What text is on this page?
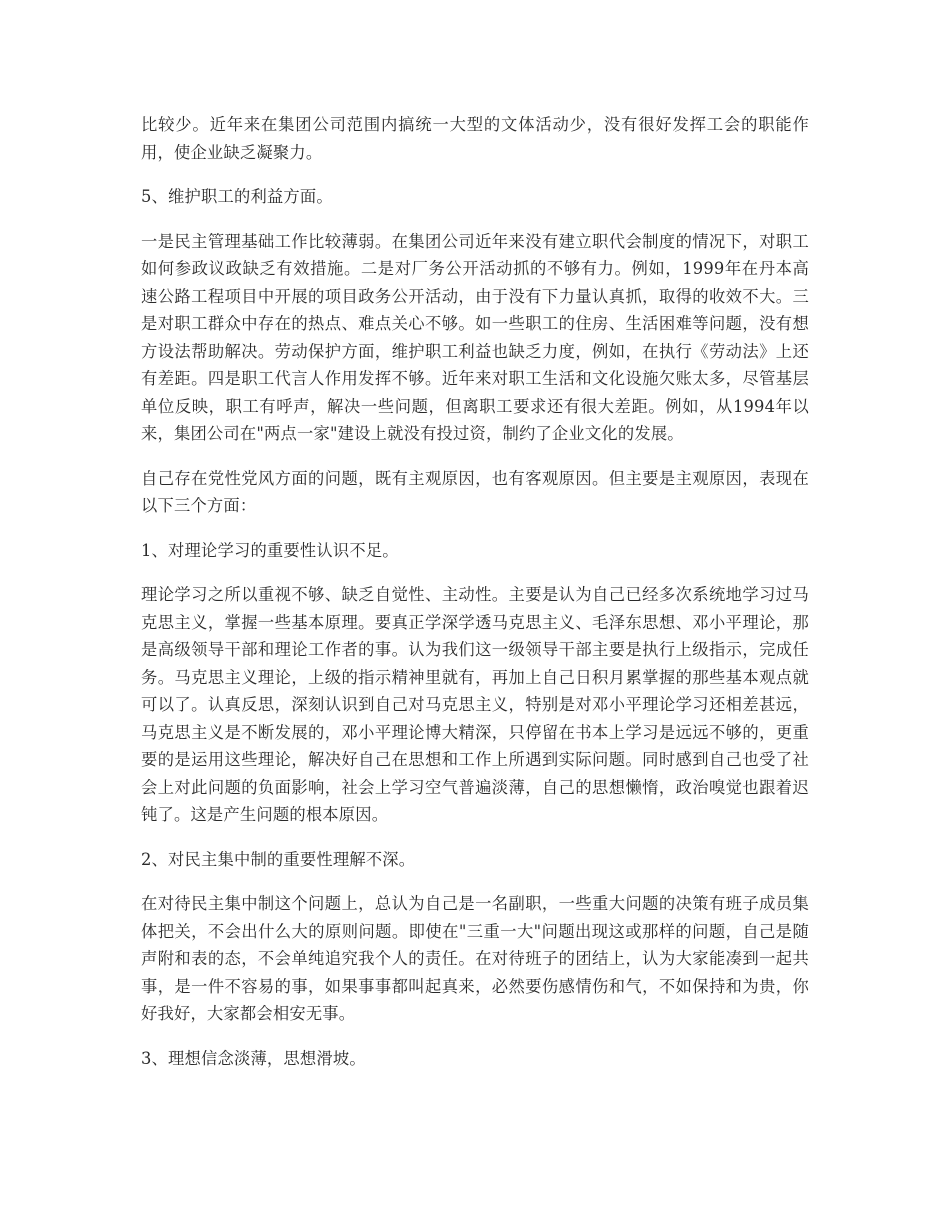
比较少。近年来在集团公司范围内搞统一大型的文体活动少，没有很好发挥工会的职能作用，使企业缺乏凝聚力。

5、维护职工的利益方面。

一是民主管理基础工作比较薄弱。在集团公司近年来没有建立职代会制度的情况下，对职工如何参政议政缺乏有效措施。二是对厂务公开活动抓的不够有力。例如，1999年在丹本高速公路工程项目中开展的项目政务公开活动，由于没有下力量认真抓，取得的收效不大。三是对职工群众中存在的热点、难点关心不够。如一些职工的住房、生活困难等问题，没有想方设法帮助解决。劳动保护方面，维护职工利益也缺乏力度，例如，在执行《劳动法》上还有差距。四是职工代言人作用发挥不够。近年来对职工生活和文化设施欠账太多，尽管基层单位反映，职工有呼声，解决一些问题，但离职工要求还有很大差距。例如，从1994年以来，集团公司在"两点一家"建设上就没有投过资，制约了企业文化的发展。

自己存在党性党风方面的问题，既有主观原因，也有客观原因。但主要是主观原因，表现在以下三个方面：

1、对理论学习的重要性认识不足。

理论学习之所以重视不够、缺乏自觉性、主动性。主要是认为自己已经多次系统地学习过马克思主义，掌握一些基本原理。要真正学深学透马克思主义、毛泽东思想、邓小平理论，那是高级领导干部和理论工作者的事。认为我们这一级领导干部主要是执行上级指示，完成任务。马克思主义理论，上级的指示精神里就有，再加上自己日积月累掌握的那些基本观点就可以了。认真反思，深刻认识到自己对马克思主义，特别是对邓小平理论学习还相差甚远，马克思主义是不断发展的，邓小平理论博大精深，只停留在书本上学习是远远不够的，更重要的是运用这些理论，解决好自己在思想和工作上所遇到实际问题。同时感到自己也受了社会上对此问题的负面影响，社会上学习空气普遍淡薄，自己的思想懒惰，政治嗅觉也跟着迟钝了。这是产生问题的根本原因。

2、对民主集中制的重要性理解不深。

在对待民主集中制这个问题上，总认为自己是一名副职，一些重大问题的决策有班子成员集体把关，不会出什么大的原则问题。即使在"三重一大"问题出现这或那样的问题，自己是随声附和表的态，不会单纯追究我个人的责任。在对待班子的团结上，认为大家能凑到一起共事，是一件不容易的事，如果事事都叫起真来，必然要伤感情伤和气，不如保持和为贵，你好我好，大家都会相安无事。

3、理想信念淡薄，思想滑坡。
